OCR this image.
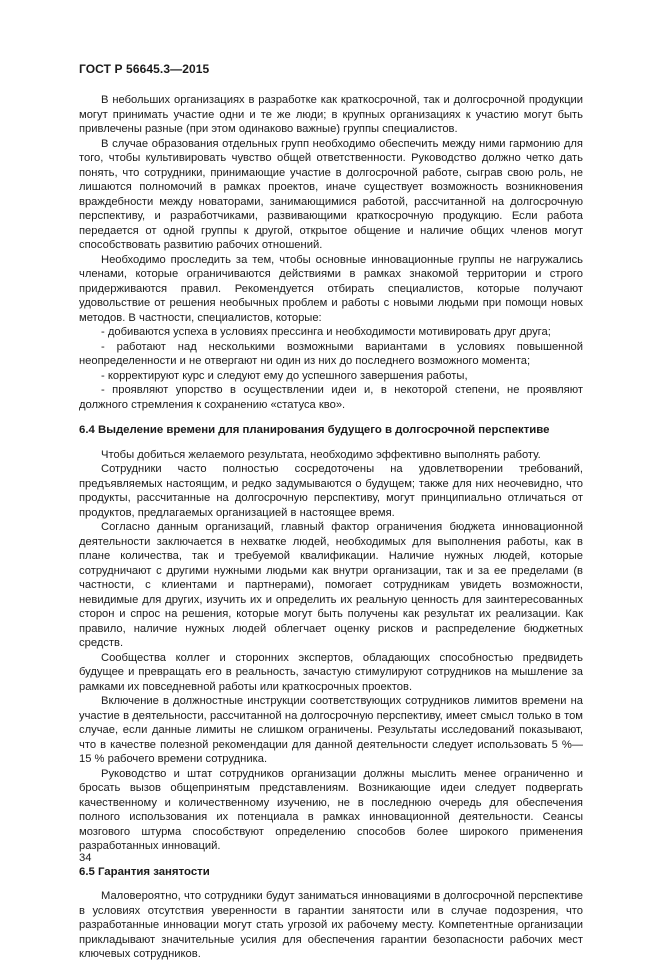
ГОСТ Р 56645.3—2015

В небольших организациях в разработке как краткосрочной, так и долгосрочной продукции могут принимать участие одни и те же люди; в крупных организациях к участию могут быть привлечены разные (при этом одинаково важные) группы специалистов.

В случае образования отдельных групп необходимо обеспечить между ними гармонию для того, чтобы культивировать чувство общей ответственности. Руководство должно четко дать понять, что сотрудники, принимающие участие в долгосрочной работе, сыграв свою роль, не лишаются полномочий в рамках проектов, иначе существует возможность возникновения враждебности между новаторами, занимающимися работой, рассчитанной на долгосрочную перспективу, и разработчиками, развивающими краткосрочную продукцию. Если работа передается от одной группы к другой, открытое общение и наличие общих членов могут способствовать развитию рабочих отношений.

Необходимо проследить за тем, чтобы основные инновационные группы не нагружались членами, которые ограничиваются действиями в рамках знакомой территории и строго придерживаются правил. Рекомендуется отбирать специалистов, которые получают удовольствие от решения необычных проблем и работы с новыми людьми при помощи новых методов. В частности, специалистов, которые:

- добиваются успеха в условиях прессинга и необходимости мотивировать друг друга;

- работают над несколькими возможными вариантами в условиях повышенной неопределенности и не отвергают ни один из них до последнего возможного момента;

- корректируют курс и следуют ему до успешного завершения работы,

- проявляют упорство в осуществлении идеи и, в некоторой степени, не проявляют должного стремления к сохранению «статуса кво».

6.4 Выделение времени для планирования будущего в долгосрочной перспективе

Чтобы добиться желаемого результата, необходимо эффективно выполнять работу.

Сотрудники часто полностью сосредоточены на удовлетворении требований, предъявляемых настоящим, и редко задумываются о будущем; также для них неочевидно, что продукты, рассчитанные на долгосрочную перспективу, могут принципиально отличаться от продуктов, предлагаемых организацией в настоящее время.

Согласно данным организаций, главный фактор ограничения бюджета инновационной деятельности заключается в нехватке людей, необходимых для выполнения работы, как в плане количества, так и требуемой квалификации. Наличие нужных людей, которые сотрудничают с другими нужными людьми как внутри организации, так и за ее пределами (в частности, с клиентами и партнерами), помогает сотрудникам увидеть возможности, невидимые для других, изучить их и определить их реальную ценность для заинтересованных сторон и спрос на решения, которые могут быть получены как результат их реализации. Как правило, наличие нужных людей облегчает оценку рисков и распределение бюджетных средств.

Сообщества коллег и сторонних экспертов, обладающих способностью предвидеть будущее и превращать его в реальность, зачастую стимулируют сотрудников на мышление за рамками их повседневной работы или краткосрочных проектов.

Включение в должностные инструкции соответствующих сотрудников лимитов времени на участие в деятельности, рассчитанной на долгосрочную перспективу, имеет смысл только в том случае, если данные лимиты не слишком ограничены. Результаты исследований показывают, что в качестве полезной рекомендации для данной деятельности следует использовать 5 %—15 % рабочего времени сотрудника.

Руководство и штат сотрудников организации должны мыслить менее ограниченно и бросать вызов общепринятым представлениям. Возникающие идеи следует подвергать качественному и количественному изучению, не в последнюю очередь для обеспечения полного использования их потенциала в рамках инновационной деятельности. Сеансы мозгового штурма способствуют определению способов более широкого применения разработанных инноваций.

6.5 Гарантия занятости

Маловероятно, что сотрудники будут заниматься инновациями в долгосрочной перспективе в условиях отсутствия уверенности в гарантии занятости или в случае подозрения, что разработанные инновации могут стать угрозой их рабочему месту. Компетентные организации прикладывают значительные усилия для обеспечения гарантии безопасности рабочих мест ключевых сотрудников.

34
